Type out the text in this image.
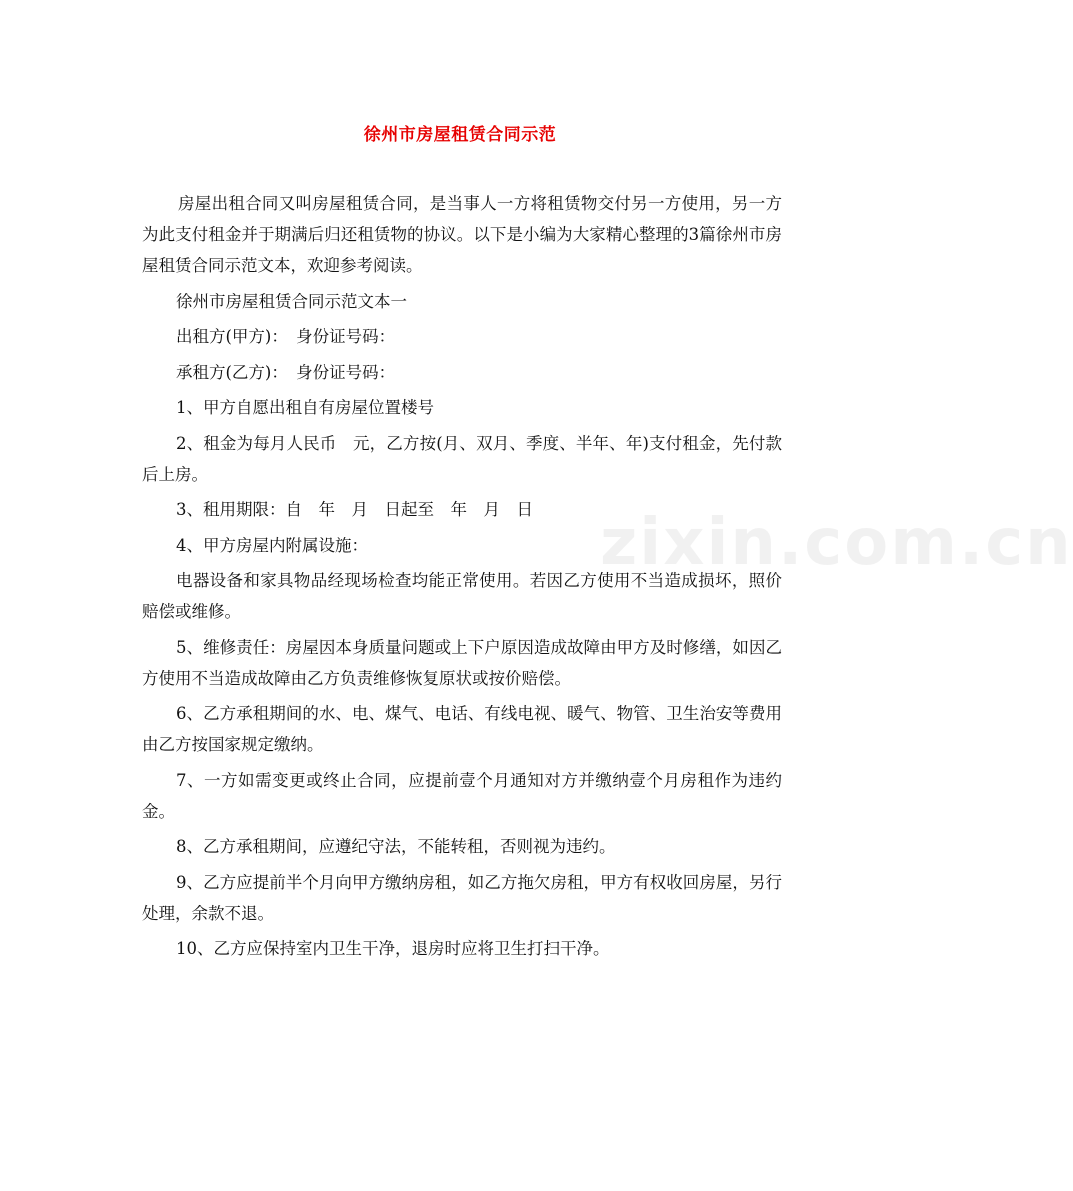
zixin.com.cn
徐州市房屋租赁合同示范

房屋出租合同又叫房屋租赁合同，是当事人一方将租赁物交付另一方使用，另一方为此支付租金并于期满后归还租赁物的协议。以下是小编为大家精心整理的3篇徐州市房屋租赁合同示范文本，欢迎参考阅读。

徐州市房屋租赁合同示范文本一

出租方(甲方)：　身份证号码：

承租方(乙方)：　身份证号码：

1、甲方自愿出租自有房屋位置楼号

2、租金为每月人民币　元，乙方按(月、双月、季度、半年、年)支付租金，先付款后上房。

3、租用期限：自　年　月　日起至　年　月　日

4、甲方房屋内附属设施：

电器设备和家具物品经现场检查均能正常使用。若因乙方使用不当造成损坏，照价赔偿或维修。

5、维修责任：房屋因本身质量问题或上下户原因造成故障由甲方及时修缮，如因乙方使用不当造成故障由乙方负责维修恢复原状或按价赔偿。

6、乙方承租期间的水、电、煤气、电话、有线电视、暖气、物管、卫生治安等费用由乙方按国家规定缴纳。

7、一方如需变更或终止合同，应提前壹个月通知对方并缴纳壹个月房租作为违约金。

8、乙方承租期间，应遵纪守法，不能转租，否则视为违约。

9、乙方应提前半个月向甲方缴纳房租，如乙方拖欠房租，甲方有权收回房屋，另行处理，余款不退。

10、乙方应保持室内卫生干净，退房时应将卫生打扫干净。
